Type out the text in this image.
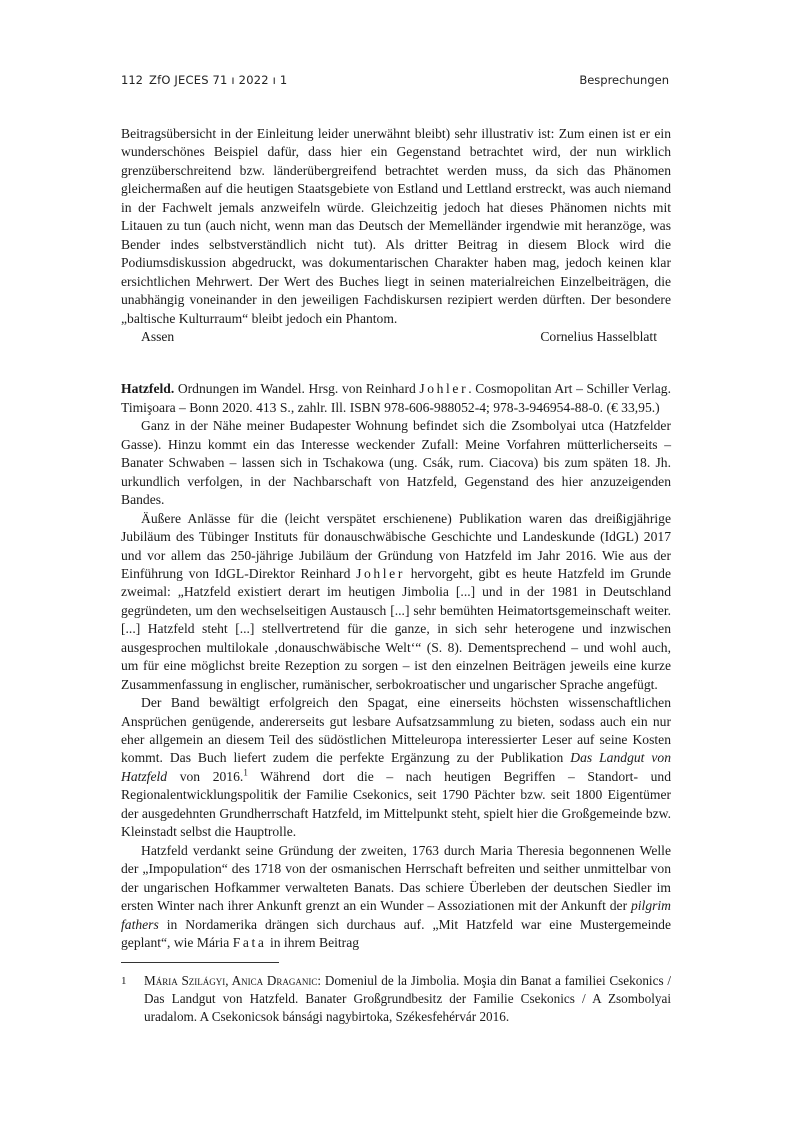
112 ZfO JECES 71 ı 2022 ı 1	Besprechungen

Beitragsübersicht in der Einleitung leider unerwähnt bleibt) sehr illustrativ ist: Zum einen ist er ein wunderschönes Beispiel dafür, dass hier ein Gegenstand betrachtet wird, der nun wirklich grenzüberschreitend bzw. länderübergreifend betrachtet werden muss, da sich das Phänomen gleichermaßen auf die heutigen Staatsgebiete von Estland und Lettland erstreckt, was auch niemand in der Fachwelt jemals anzweifeln würde. Gleichzeitig jedoch hat dieses Phänomen nichts mit Litauen zu tun (auch nicht, wenn man das Deutsch der Memelländer irgendwie mit heranzöge, was Bender indes selbstverständlich nicht tut). Als dritter Beitrag in diesem Block wird die Podiumsdiskussion abgedruckt, was dokumentarischen Charakter haben mag, jedoch keinen klar ersichtlichen Mehrwert. Der Wert des Buches liegt in seinen materialreichen Einzelbeiträgen, die unabhängig voneinander in den jeweiligen Fachdiskursen rezipiert werden dürften. Der besondere „baltische Kulturraum“ bleibt jedoch ein Phantom.

Assen	Cornelius Hasselblatt

Hatzfeld. Ordnungen im Wandel. Hrsg. von Reinhard Johler. Cosmopolitan Art – Schiller Verlag. Timişoara – Bonn 2020. 413 S., zahlr. Ill. ISBN 978-606-988052-4; 978-3-946954-88-0. (€ 33,95.)

Ganz in der Nähe meiner Budapester Wohnung befindet sich die Zsombolyai utca (Hatzfelder Gasse). Hinzu kommt ein das Interesse weckender Zufall: Meine Vorfahren mütterlicherseits – Banater Schwaben – lassen sich in Tschakowa (ung. Csák, rum. Ciacova) bis zum späten 18. Jh. urkundlich verfolgen, in der Nachbarschaft von Hatzfeld, Gegenstand des hier anzuzeigenden Bandes.

Äußere Anlässe für die (leicht verspätet erschienene) Publikation waren das dreißigjährige Jubiläum des Tübinger Instituts für donauschwäbische Geschichte und Landeskunde (IdGL) 2017 und vor allem das 250-jährige Jubiläum der Gründung von Hatzfeld im Jahr 2016. Wie aus der Einführung von IdGL-Direktor Reinhard Johler hervorgeht, gibt es heute Hatzfeld im Grunde zweimal: „Hatzfeld existiert derart im heutigen Jimbolia [...] und in der 1981 in Deutschland gegründeten, um den wechselseitigen Austausch [...] sehr bemühten Heimatortsgemeinschaft weiter. [...] Hatzfeld steht [...] stellvertretend für die ganze, in sich sehr heterogene und inzwischen ausgesprochen multilokale ‚donauschwäbische Welt‘“ (S. 8). Dementsprechend – und wohl auch, um für eine möglichst breite Rezeption zu sorgen – ist den einzelnen Beiträgen jeweils eine kurze Zusammenfassung in englischer, rumänischer, serbokroatischer und ungarischer Sprache angefügt.

Der Band bewältigt erfolgreich den Spagat, eine einerseits höchsten wissenschaftlichen Ansprüchen genügende, andererseits gut lesbare Aufsatzsammlung zu bieten, sodass auch ein nur eher allgemein an diesem Teil des südöstlichen Mitteleuropa interessierter Leser auf seine Kosten kommt. Das Buch liefert zudem die perfekte Ergänzung zu der Publikation Das Landgut von Hatzfeld von 2016.$^1$ Während dort die – nach heutigen Begriffen – Standort- und Regionalentwicklungspolitik der Familie Csekonics, seit 1790 Pächter bzw. seit 1800 Eigentümer der ausgedehnten Grundherrschaft Hatzfeld, im Mittelpunkt steht, spielt hier die Großgemeinde bzw. Kleinstadt selbst die Hauptrolle.

Hatzfeld verdankt seine Gründung der zweiten, 1763 durch Maria Theresia begonnenen Welle der „Impopulation“ des 1718 von der osmanischen Herrschaft befreiten und seither unmittelbar von der ungarischen Hofkammer verwalteten Banats. Das schiere Überleben der deutschen Siedler im ersten Winter nach ihrer Ankunft grenzt an ein Wunder – Assoziationen mit der Ankunft der pilgrim fathers in Nordamerika drängen sich durchaus auf. „Mit Hatzfeld war eine Mustergemeinde geplant“, wie Mária Fata in ihrem Beitrag

1 Mária Szilágyi, Anica Draganic: Domeniul de la Jimbolia. Moşia din Banat a familiei Csekonics / Das Landgut von Hatzfeld. Banater Großgrundbesitz der Familie Csekonics / A Zsombolyai uradalom. A Csekonicsok bánsági nagybirtoka, Székesfehérvár 2016.
